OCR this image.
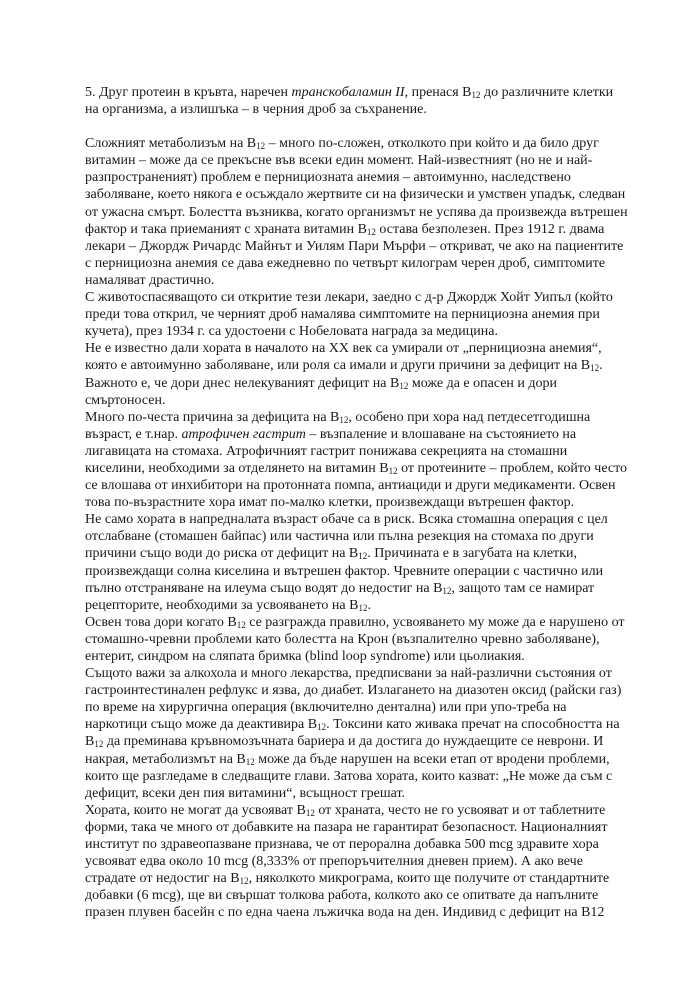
5. Друг протеин в кръвта, наречен транскобаламин II, пренася $B_{12}$ до различните клетки на организма, а излишъка – в черния дроб за съхранение.

Сложният метаболизъм на $B_{12}$ – много по-сложен, отколкото при който и да било друг витамин – може да се прекъсне във всеки един момент. Най-известният (но не и най-разпространеният) проблем е пернициозната анемия – автоимунно, наследствено заболяване, което някога е осъждало жертвите си на физически и умствен упадък, следван от ужасна смърт. Болестта възниква, когато организмът не успява да произвежда вътрешен фактор и така приеманият с храната витамин $B_{12}$ остава безполезен. През 1912 г. двама лекари – Джордж Ричардс Майнът и Уилям Пари Мърфи – откриват, че ако на пациентите с пернициозна анемия се дава ежедневно по четвърт килограм черен дроб, симптомите намаляват драстично.

С животоспасяващото си откритие тези лекари, заедно с д-р Джордж Хойт Уипъл (който преди това открил, че черният дроб намалява симптомите на пернициозна анемия при кучета), през 1934 г. са удостоени с Нобеловата награда за медицина.

Не е известно дали хората в началото на XX век са умирали от „пернициозна анемия“, която е автоимунно заболяване, или роля са имали и други причини за дефицит на $B_{12}$. Важното е, че дори днес нелекуваният дефицит на $B_{12}$ може да е опасен и дори смъртоносен.

Много по-честа причина за дефицита на $B_{12}$, особено при хора над петдесетгодишна възраст, е т.нар. атрофичен гастрит – възпаление и влошаване на състоянието на лигавицата на стомаха. Атрофичният гастрит понижава секрецията на стомашни киселини, необходими за отделянето на витамин $B_{12}$ от протеините – проблем, който често се влошава от инхибитори на протонната помпа, антиациди и други медикаменти. Освен това по-възрастните хора имат по-малко клетки, произвеждащи вътрешен фактор.

Не само хората в напредналата възраст обаче са в риск. Всяка стомашна операция с цел отслабване (стомашен байпас) или частична или пълна резекция на стомаха по други причини също води до риска от дефицит на $B_{12}$. Причината е в загубата на клетки, произвеждащи солна киселина и вътрешен фактор. Чревните операции с частично или пълно отстраняване на илеума също водят до недостиг на $B_{12}$, защото там се намират рецепторите, необходими за усвояването на $B_{12}$.

Освен това дори когато $B_{12}$ се разгражда правилно, усвояването му може да е нарушено от стомашно-чревни проблеми като болестта на Крон (възпалително чревно заболяване), ентерит, синдром на сляпата бримка (blind loop syndrome) или цьолиакия.

Същото важи за алкохола и много лекарства, предписвани за най-различни състояния от гастроинтестинален рефлукс и язва, до диабет. Излагането на диазотен оксид (райски газ) по време на хирургична операция (включително дентална) или при упо-треба на наркотици също може да деактивира $B_{12}$. Токсини като живака пречат на способността на $B_{12}$ да преминава кръвномозъчната бариера и да достига до нуждаещите се неврони. И накрая, метаболизмът на $B_{12}$ може да бъде нарушен на всеки етап от вродени проблеми, които ще разгледаме в следващите глави. Затова хората, които казват: „Не може да съм с дефицит, всеки ден пия витамини“, всъщност грешат.

Хората, които не могат да усвояват $B_{12}$ от храната, често не го усвояват и от таблетните форми, така че много от добавките на пазара не гарантират безопасност. Националният институт по здравеопазване признава, че от перорална добавка 500 mcg здравите хора усвояват едва около 10 mcg (8,333% от препоръчителния дневен прием). А ако вече страдате от недостиг на $B_{12}$, няколкото микрограма, които ще получите от стандартните добавки (6 mcg), ще ви свършат толкова работа, колкото ако се опитвате да напълните празен плувен басейн с по една чаена лъжичка вода на ден. Индивид с дефицит на B12
